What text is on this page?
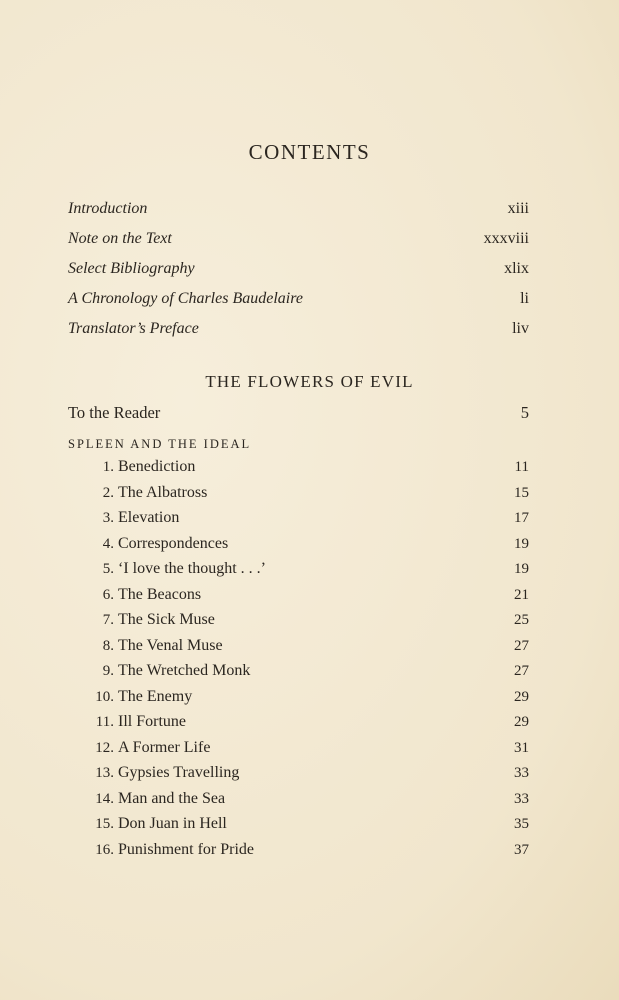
CONTENTS
Introduction	xiii
Note on the Text	xxxviii
Select Bibliography	xlix
A Chronology of Charles Baudelaire	li
Translator’s Preface	liv
THE FLOWERS OF EVIL
To the Reader	5
SPLEEN AND THE IDEAL
1. Benediction	11
2. The Albatross	15
3. Elevation	17
4. Correspondences	19
5. ‘I love the thought . . .’	19
6. The Beacons	21
7. The Sick Muse	25
8. The Venal Muse	27
9. The Wretched Monk	27
10. The Enemy	29
11. Ill Fortune	29
12. A Former Life	31
13. Gypsies Travelling	33
14. Man and the Sea	33
15. Don Juan in Hell	35
16. Punishment for Pride	37
